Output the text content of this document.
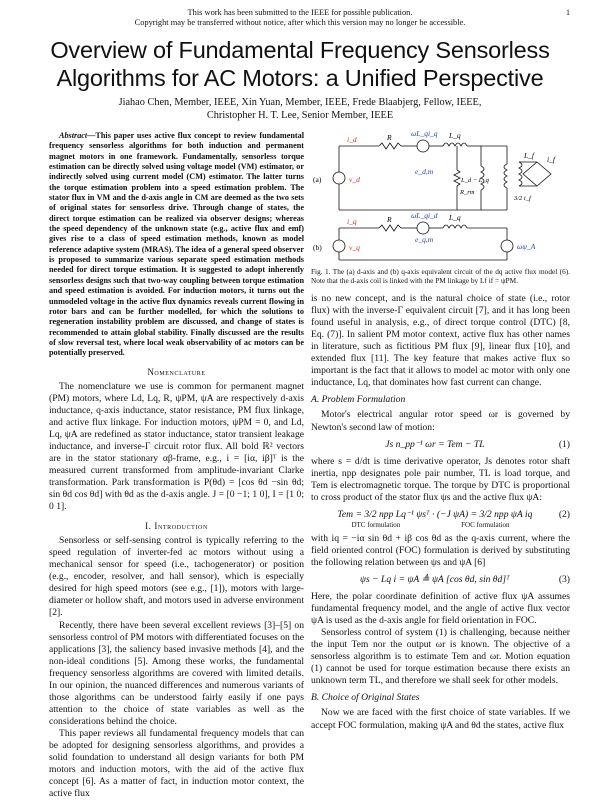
This work has been submitted to the IEEE for possible publication.
Copyright may be transferred without notice, after which this version may no longer be accessible.
1
Overview of Fundamental Frequency Sensorless
Algorithms for AC Motors: a Unified Perspective
Jiahao Chen, Member, IEEE, Xin Yuan, Member, IEEE, Frede Blaabjerg, Fellow, IEEE,
Christopher H. T. Lee, Senior Member, IEEE

Abstract—This paper uses active flux concept to review fundamental frequency sensorless algorithms for both induction and permanent magnet motors in one framework. Fundamentally, sensorless torque estimation can be directly solved using voltage model (VM) estimator, or indirectly solved using current model (CM) estimator. The latter turns the torque estimation problem into a speed estimation problem. The stator flux in VM and the d-axis angle in CM are deemed as the two sets of original states for sensorless drive. Through change of states, the direct torque estimation can be realized via observer designs; whereas the speed dependency of the unknown state (e.g., active flux and emf) gives rise to a class of speed estimation methods, known as model reference adaptive system (MRAS). The idea of a general speed observer is proposed to summarize various separate speed estimation methods needed for direct torque estimation. It is suggested to adopt inherently sensorless designs such that two-way coupling between torque estimation and speed estimation is avoided. For induction motors, it turns out the unmodeled voltage in the active flux dynamics reveals current flowing in rotor bars and can be further modelled, for which the solutions to regeneration instability problem are discussed, and change of states is recommended to attain global stability. Finally discussed are the results of slow reversal test, where local weak observability of ac motors can be potentially preserved.

Nomenclature

The nomenclature we use is common for permanent magnet (PM) motors, where Ld, Lq, R, ψPM, ψA are respectively d-axis inductance, q-axis inductance, stator resistance, PM flux linkage, and active flux linkage. For induction motors, ψPM = 0, and Ld, Lq, ψA are redefined as stator inductance, stator transient leakage inductance, and inverse-Γ circuit rotor flux. All bold ℝ² vectors are in the stator stationary αβ-frame, e.g., i = [iα, iβ]ᵀ is the measured current transformed from amplitude-invariant Clarke transformation. Park transformation is P(θd) = [cos θd −sin θd; sin θd cos θd] with θd as the d-axis angle. J = [0 −1; 1 0], I = [1 0; 0 1].

I. Introduction

Sensorless or self-sensing control is typically referring to the speed regulation of inverter-fed ac motors without using a mechanical sensor for speed (i.e., tachogenerator) or position (e.g., encoder, resolver, and hall sensor), which is especially desired for high speed motors (see e.g., [1]), motors with large-diameter or hollow shaft, and motors used in adverse environment [2].

Recently, there have been several excellent reviews [3]–[5] on sensorless control of PM motors with differentiated focuses on the applications [3], the saliency based invasive methods [4], and the non-ideal conditions [5]. Among these works, the fundamental frequency sensorless algorithms are covered with limited details. In our opinion, the nuanced differences and numerous variants of those algorithms can be understood fairly easily if one pays attention to the choice of state variables as well as the considerations behind the choice.

This paper reviews all fundamental frequency models that can be adopted for designing sensorless algorithms, and provides a solid foundation to understand all design variants for both PM motors and induction motors, with the aid of the active flux concept [6]. As a matter of fact, in induction motor context, the active flux

(a)
(b)
i_d	R	ωL_qi_q L_q
v_d
e_d,m
L_d − L_q
R_rm
L_f i_f
3/2 i_f
i_q	R	ωL_qi_d L_q
v_q
e_q,m
ωψ_A

Fig. 1. The (a) d-axis and (b) q-axis equivalent circuit of the dq active flux model (6). Note that the d-axis coil is linked with the PM linkage by Lf if = ψPM.

is no new concept, and is the natural choice of state (i.e., rotor flux) with the inverse-Γ equivalent circuit [7], and it has long been found useful in analysis, e.g., of direct torque control (DTC) [8, Eq. (7)]. In salient PM motor context, active flux has other names in literature, such as fictitious PM flux [9], linear flux [10], and extended flux [11]. The key feature that makes active flux so important is the fact that it allows to model ac motor with only one inductance, Lq, that dominates how fast current can change.

A. Problem Formulation

Motor's electrical angular rotor speed ωr is governed by Newton's second law of motion:

Js n_pp⁻¹ ωr = Tem − TL	(1)

where s = d/dt is time derivative operator, Js denotes rotor shaft inertia, npp designates pole pair number, TL is load torque, and Tem is electromagnetic torque. The torque by DTC is proportional to cross product of the stator flux ψs and the active flux ψA:

Tem = 3/2 npp Lq⁻¹ ψsᵀ · (−J ψA) = 3/2 npp ψA iq	(2)
DTC formulation	FOC formulation

with iq = −iα sin θd + iβ cos θd as the q-axis current, where the field oriented control (FOC) formulation is derived by substituting the following relation between ψs and ψA [6]

ψs − Lq i = ψA ≜ ψA [cos θd, sin θd]ᵀ	(3)

Here, the polar coordinate definition of active flux ψA assumes fundamental frequency model, and the angle of active flux vector ψA is used as the d-axis angle for field orientation in FOC.

Sensorless control of system (1) is challenging, because neither the input Tem nor the output ωr is known. The objective of a sensorless algorithm is to estimate Tem and ωr. Motion equation (1) cannot be used for torque estimation because there exists an unknown term TL, and therefore we shall seek for other models.

B. Choice of Original States

Now we are faced with the first choice of state variables. If we accept FOC formulation, making ψA and θd the states, active flux
